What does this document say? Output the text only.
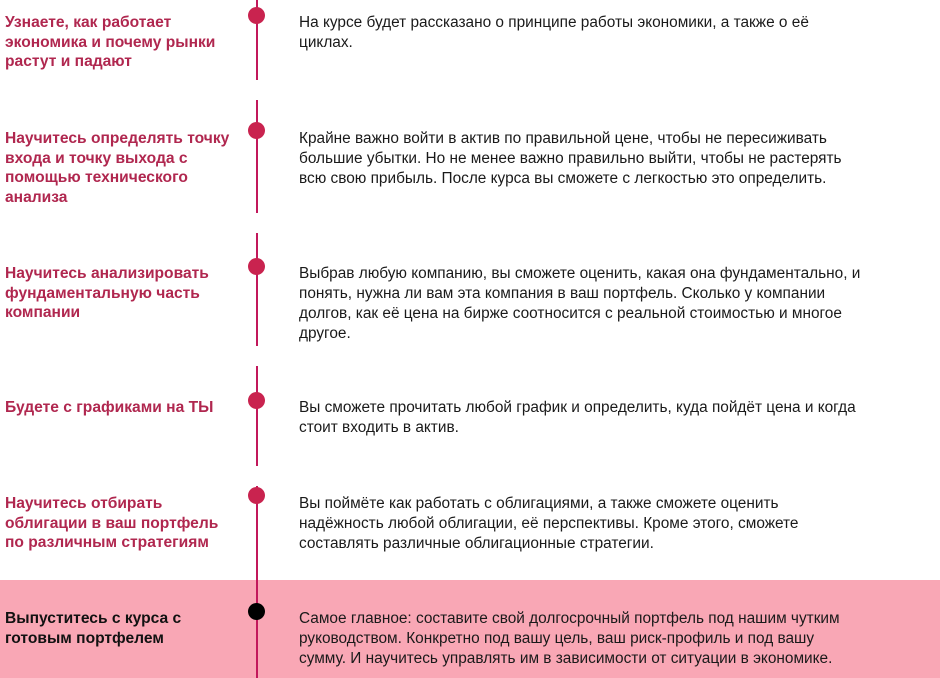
Узнаете, как работает
экономика и почему рынки
растут и падают
На курсе будет рассказано о принципе работы экономики, а также о её
циклах.
Научитесь определять точку
входа и точку выхода с
помощью технического
анализа
Крайне важно войти в актив по правильной цене, чтобы не пересиживать
большие убытки. Но не менее важно правильно выйти, чтобы не растерять
всю свою прибыль. После курса вы сможете с легкостью это определить.
Научитесь анализировать
фундаментальную часть
компании
Выбрав любую компанию, вы сможете оценить, какая она фундаментально, и
понять, нужна ли вам эта компания в ваш портфель. Сколько у компании
долгов, как её цена на бирже соотносится с реальной стоимостью и многое
другое.
Будете с графиками на ТЫ	Вы сможете прочитать любой график и определить, куда пойдёт цена и когда
стоит входить в актив.
Научитесь отбирать
облигации в ваш портфель
по различным стратегиям
Вы поймёте как работать с облигациями, а также сможете оценить
надёжность любой облигации, её перспективы. Кроме этого, сможете
составлять различные облигационные стратегии.
Выпуститесь с курса с
готовым портфелем
Самое главное: составите свой долгосрочный портфель под нашим чутким
руководством. Конкретно под вашу цель, ваш риск-профиль и под вашу
сумму. И научитесь управлять им в зависимости от ситуации в экономике.
